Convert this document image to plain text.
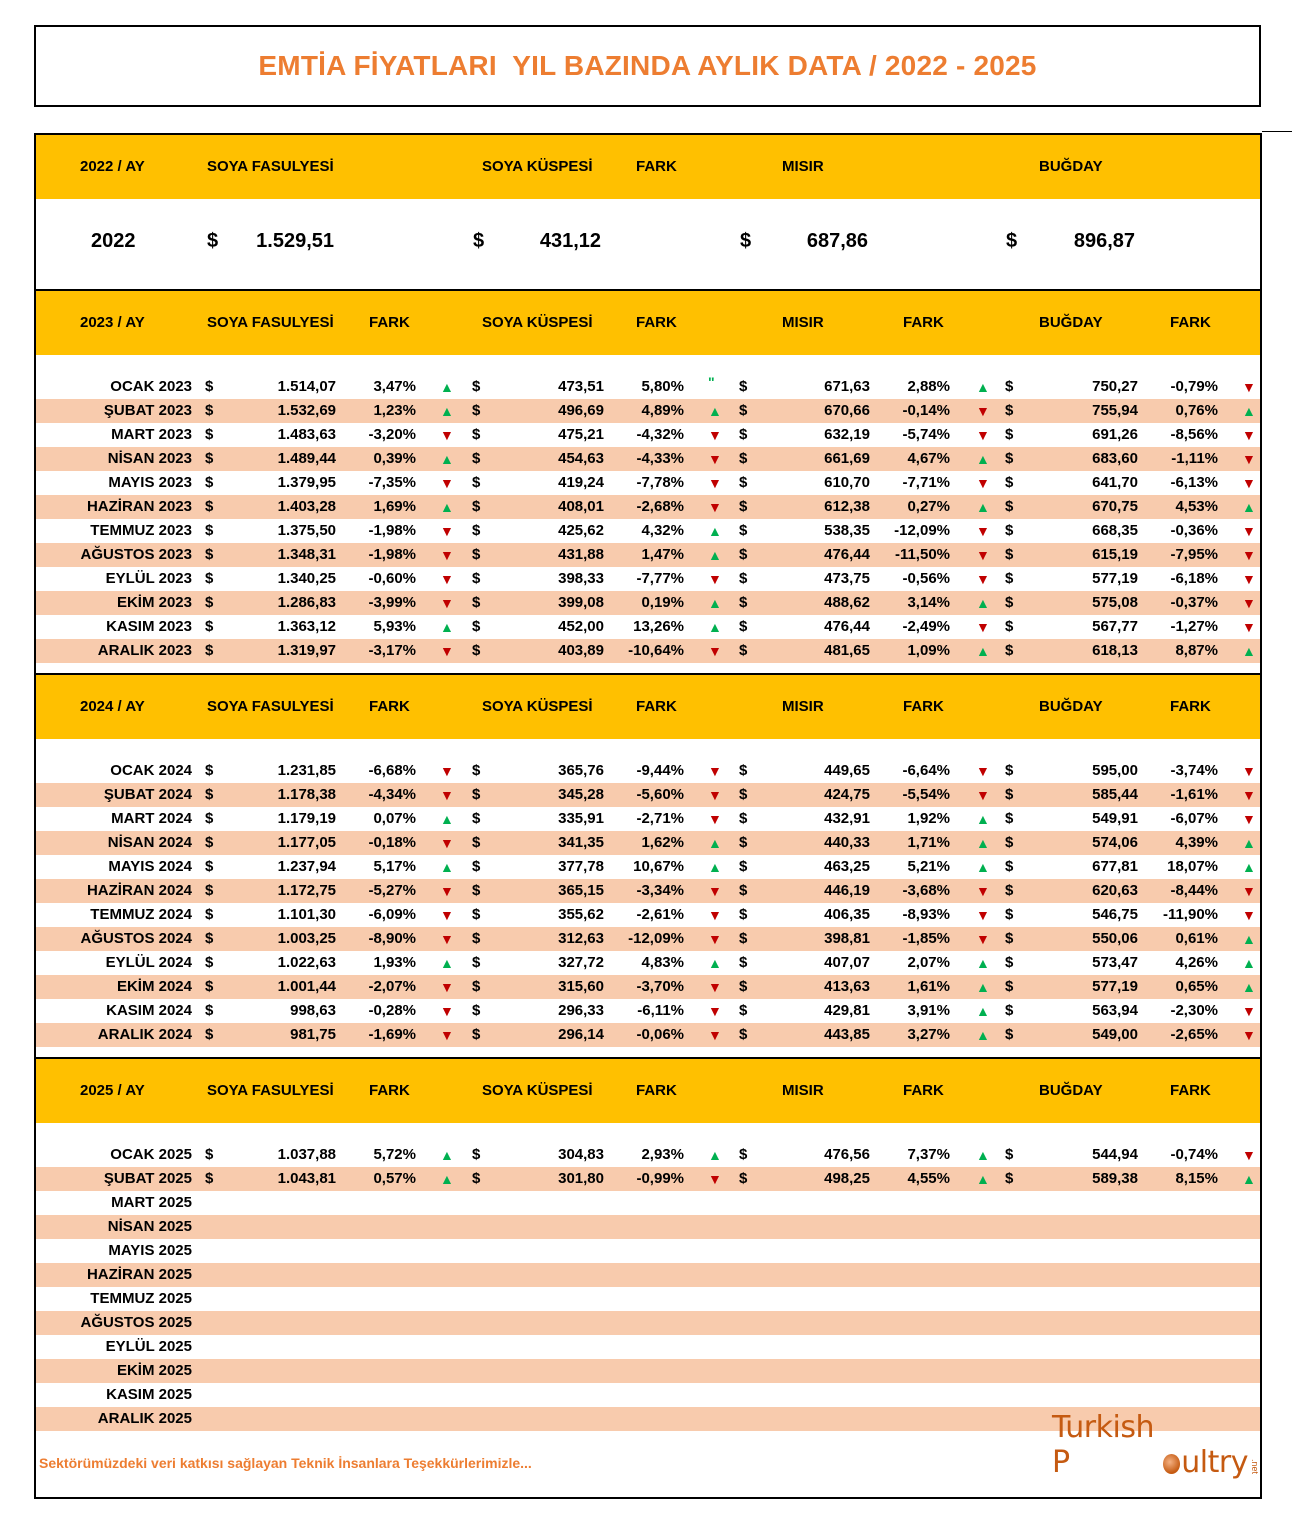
EMTİA FİYATLARI  YIL BAZINDA AYLIK DATA / 2022 - 2025
2022 / AY	SOYA FASULYESİ	SOYA KÜSPESİ	FARK	MISIR	BUĞDAY
2022	$	1.529,51	$	431,12	$	687,86	$	896,87
2023 / AY	SOYA FASULYESİ FARK	SOYA KÜSPESİ	FARK	MISIR	FARK	BUĞDAY	FARK
OCAK 2023 $	1.514,07	3,47% ▲ $	473,51	5,80% " $	671,63	2,88% ▲ $	750,27	-0,79% ▼
ŞUBAT 2023 $	1.532,69	1,23% ▲ $	496,69	4,89% ▲ $	670,66	-0,14% ▼ $	755,94	0,76% ▲
MART 2023 $	1.483,63	-3,20% ▼ $	475,21	-4,32% ▼ $	632,19	-5,74% ▼ $	691,26	-8,56% ▼
NİSAN 2023 $	1.489,44	0,39% ▲ $	454,63	-4,33% ▼ $	661,69	4,67% ▲ $	683,60	-1,11% ▼
MAYIS 2023 $	1.379,95	-7,35% ▼ $	419,24	-7,78% ▼ $	610,70	-7,71% ▼ $	641,70	-6,13% ▼
HAZİRAN 2023 $	1.403,28	1,69% ▲ $	408,01	-2,68% ▼ $	612,38	0,27% ▲ $	670,75	4,53% ▲
TEMMUZ 2023 $	1.375,50	-1,98% ▼ $	425,62	4,32% ▲ $	538,35	-12,09% ▼ $	668,35	-0,36% ▼
AĞUSTOS 2023 $	1.348,31	-1,98% ▼ $	431,88	1,47% ▲ $	476,44	-11,50% ▼ $	615,19	-7,95% ▼
EYLÜL 2023 $	1.340,25	-0,60% ▼ $	398,33	-7,77% ▼ $	473,75	-0,56% ▼ $	577,19	-6,18% ▼
EKİM 2023 $	1.286,83	-3,99% ▼ $	399,08	0,19% ▲ $	488,62	3,14% ▲ $	575,08	-0,37% ▼
KASIM 2023 $	1.363,12	5,93% ▲ $	452,00	13,26% ▲ $	476,44	-2,49% ▼ $	567,77	-1,27% ▼
ARALIK 2023 $	1.319,97	-3,17% ▼ $	403,89	-10,64% ▼ $	481,65	1,09% ▲ $	618,13	8,87% ▲
2024 / AY	SOYA FASULYESİ FARK	SOYA KÜSPESİ	FARK	MISIR	FARK	BUĞDAY	FARK
OCAK 2024 $	1.231,85	-6,68% ▼ $	365,76	-9,44% ▼ $	449,65	-6,64% ▼ $	595,00	-3,74% ▼
ŞUBAT 2024 $	1.178,38	-4,34% ▼ $	345,28	-5,60% ▼ $	424,75	-5,54% ▼ $	585,44	-1,61% ▼
MART 2024 $	1.179,19	0,07% ▲ $	335,91	-2,71% ▼ $	432,91	1,92% ▲ $	549,91	-6,07% ▼
NİSAN 2024 $	1.177,05	-0,18% ▼ $	341,35	1,62% ▲ $	440,33	1,71% ▲ $	574,06	4,39% ▲
MAYIS 2024 $	1.237,94	5,17% ▲ $	377,78	10,67% ▲ $	463,25	5,21% ▲ $	677,81	18,07% ▲
HAZİRAN 2024 $	1.172,75	-5,27% ▼ $	365,15	-3,34% ▼ $	446,19	-3,68% ▼ $	620,63	-8,44% ▼
TEMMUZ 2024 $	1.101,30	-6,09% ▼ $	355,62	-2,61% ▼ $	406,35	-8,93% ▼ $	546,75	-11,90% ▼
AĞUSTOS 2024 $	1.003,25	-8,90% ▼ $	312,63	-12,09% ▼ $	398,81	-1,85% ▼ $	550,06	0,61% ▲
EYLÜL 2024 $	1.022,63	1,93% ▲ $	327,72	4,83% ▲ $	407,07	2,07% ▲ $	573,47	4,26% ▲
EKİM 2024 $	1.001,44	-2,07% ▼ $	315,60	-3,70% ▼ $	413,63	1,61% ▲ $	577,19	0,65% ▲
KASIM 2024 $	998,63	-0,28% ▼ $	296,33	-6,11% ▼ $	429,81	3,91% ▲ $	563,94	-2,30% ▼
ARALIK 2024 $	981,75	-1,69% ▼ $	296,14	-0,06% ▼ $	443,85	3,27% ▲ $	549,00	-2,65% ▼
2025 / AY	SOYA FASULYESİ FARK	SOYA KÜSPESİ	FARK	MISIR	FARK	BUĞDAY	FARK
OCAK 2025 $	1.037,88	5,72% ▲ $	304,83	2,93% ▲ $	476,56	7,37% ▲ $	544,94	-0,74% ▼
ŞUBAT 2025 $	1.043,81	0,57% ▲ $	301,80	-0,99% ▼ $	498,25	4,55% ▲ $	589,38	8,15% ▲
MART 2025
NİSAN 2025
MAYIS 2025
HAZİRAN 2025
TEMMUZ 2025
AĞUSTOS 2025
EYLÜL 2025
EKİM 2025
KASIM 2025
ARALIK 2025
Sektörümüzdeki veri katkısı sağlayan Teknik İnsanlara Teşekkürlerimizle...
Turkish P	ultry .net
